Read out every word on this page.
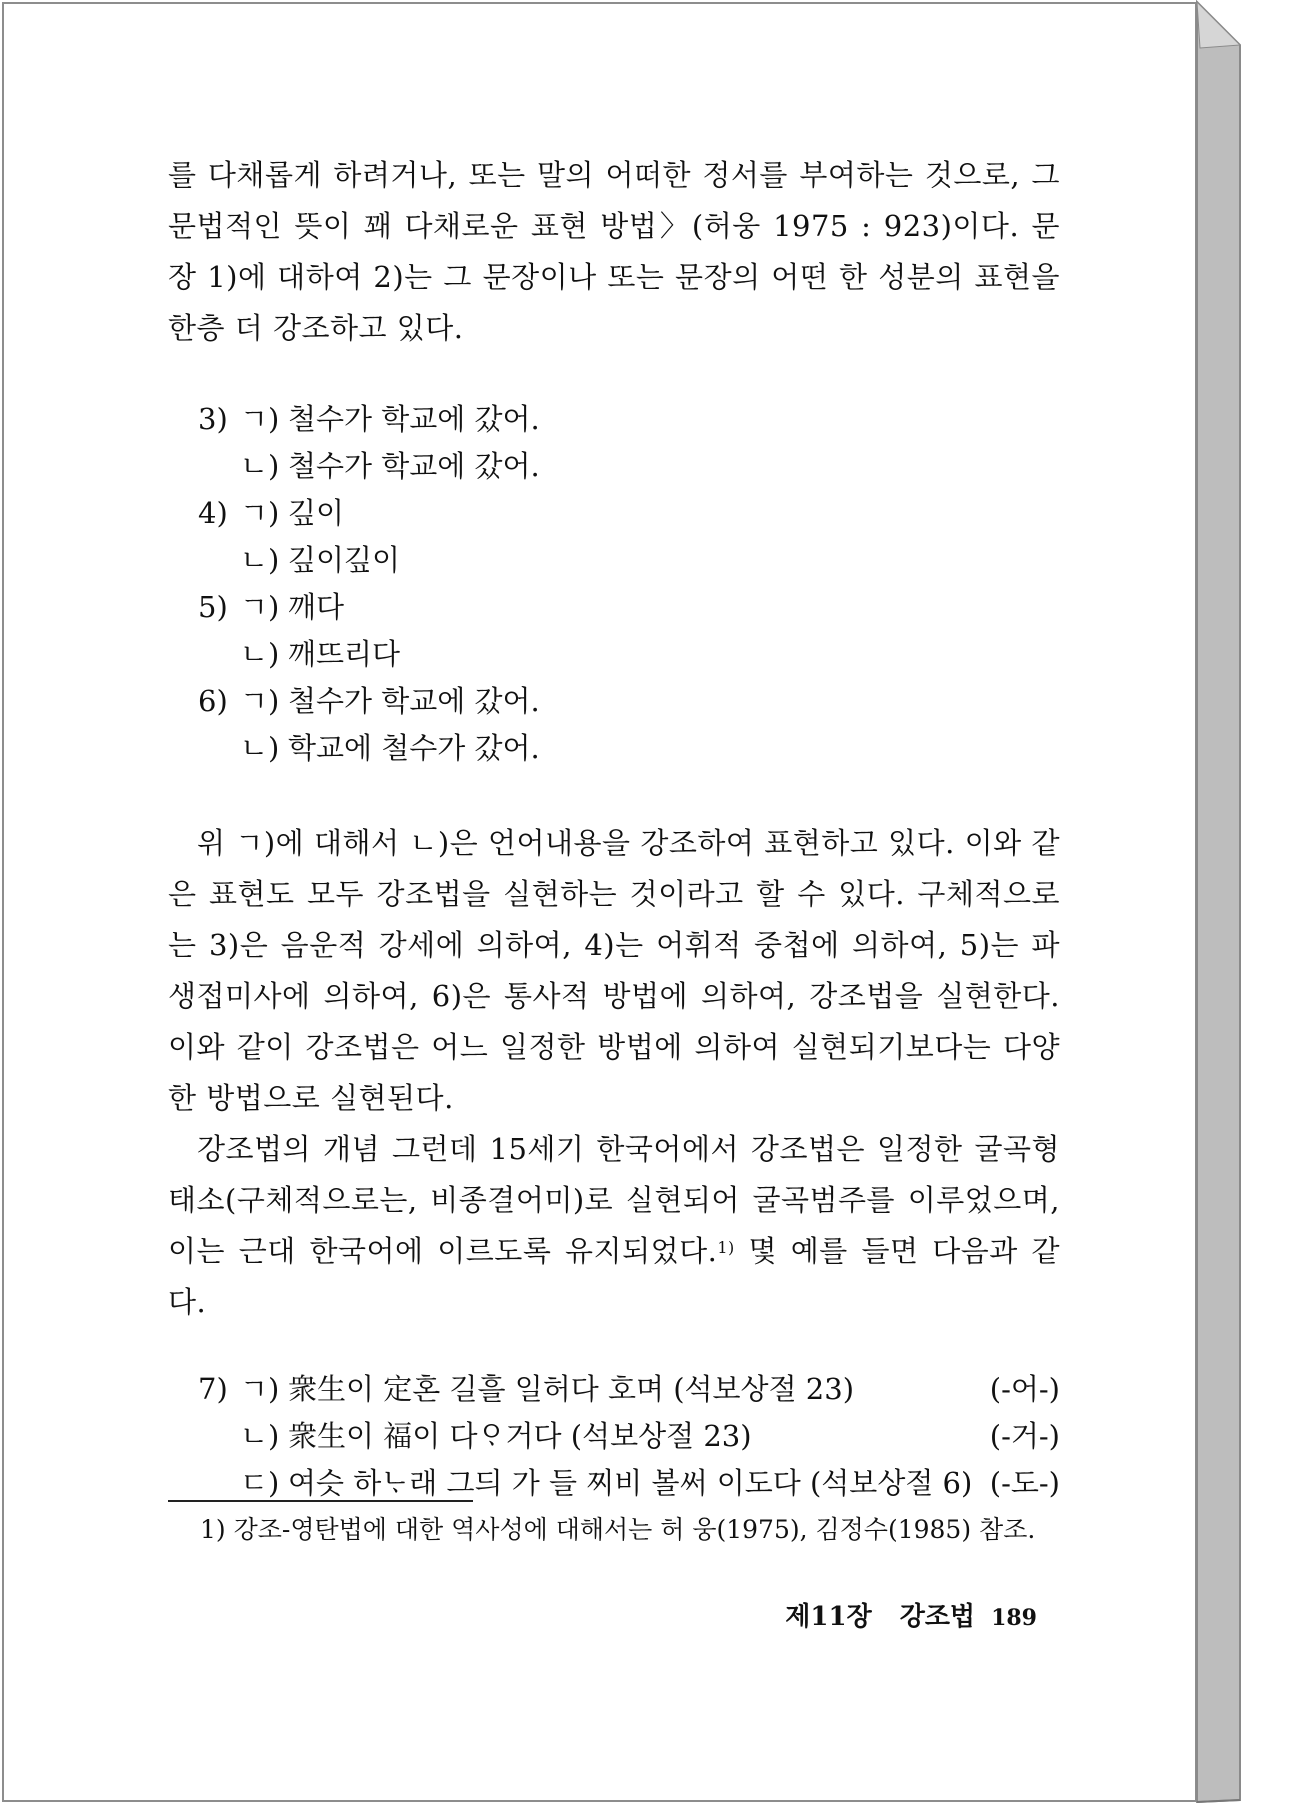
를 다채롭게 하려거나, 또는 말의 어떠한 정서를 부여하는 것으로, 그 문법적인 뜻이 꽤 다채로운 표현 방법〉(허웅 1975 : 923)이다. 문장 1)에 대하여 2)는 그 문장이나 또는 문장의 어떤 한 성분의 표현을 한층 더 강조하고 있다.

3) ㄱ) 철수가 학교에 갔어.
ㄴ) 철수가 학교에 갔어.
4) ㄱ) 깊이
ㄴ) 깊이깊이
5) ㄱ) 깨다
ㄴ) 깨뜨리다
6) ㄱ) 철수가 학교에 갔어.
ㄴ) 학교에 철수가 갔어.

위 ㄱ)에 대해서 ㄴ)은 언어내용을 강조하여 표현하고 있다. 이와 같은 표현도 모두 강조법을 실현하는 것이라고 할 수 있다. 구체적으로는 3)은 음운적 강세에 의하여, 4)는 어휘적 중첩에 의하여, 5)는 파생접미사에 의하여, 6)은 통사적 방법에 의하여, 강조법을 실현한다. 이와 같이 강조법은 어느 일정한 방법에 의하여 실현되기보다는 다양한 방법으로 실현된다.

강조법의 개념 그런데 15세기 한국어에서 강조법은 일정한 굴곡형태소(구체적으로는, 비종결어미)로 실현되어 굴곡범주를 이루었으며, 이는 근대 한국어에 이르도록 유지되었다.$^{1)}$ 몇 예를 들면 다음과 같다.

7) ㄱ) 衆生이 定혼 길흘 일허다 호며 (석보상절 23)	(-어-)
ㄴ) 衆生이 福이 다ᄋᆞ거다 (석보상절 23)	(-거-)
ㄷ) 여슷 하ᄂᆞ래 그듸 가 들 찌비 볼써 이도다 (석보상절 6) (-도-)
1) 강조-영탄법에 대한 역사성에 대해서는 허 웅(1975), 김정수(1985) 참조.
제11장 강조법 189
